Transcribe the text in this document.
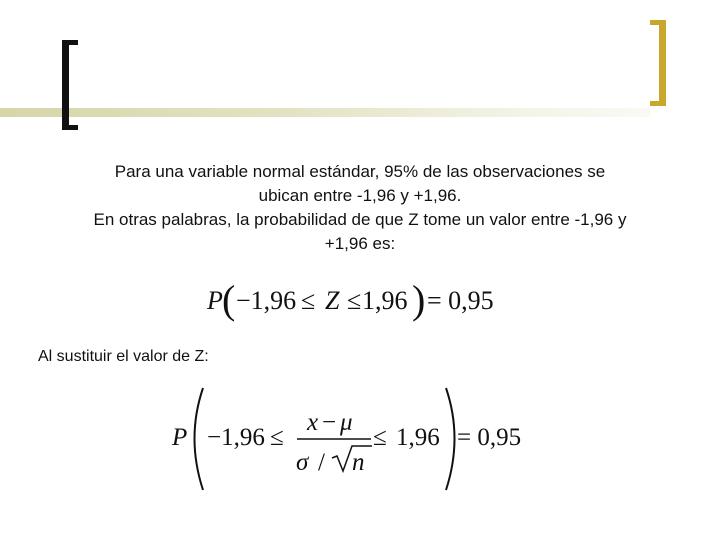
Para una variable normal estándar, 95% de las observaciones se

ubican entre -1,96 y +1,96.

En otras palabras, la probabilidad de que Z tome un valor entre -1,96 y

+1,96 es:

P ( −1,96 ≤ Z ≤ 1,96 ) = 0,95
Al sustituir el valor de Z:
P −1,96 ≤
x − μ
σ / n
≤ 1,96 = 0,95
